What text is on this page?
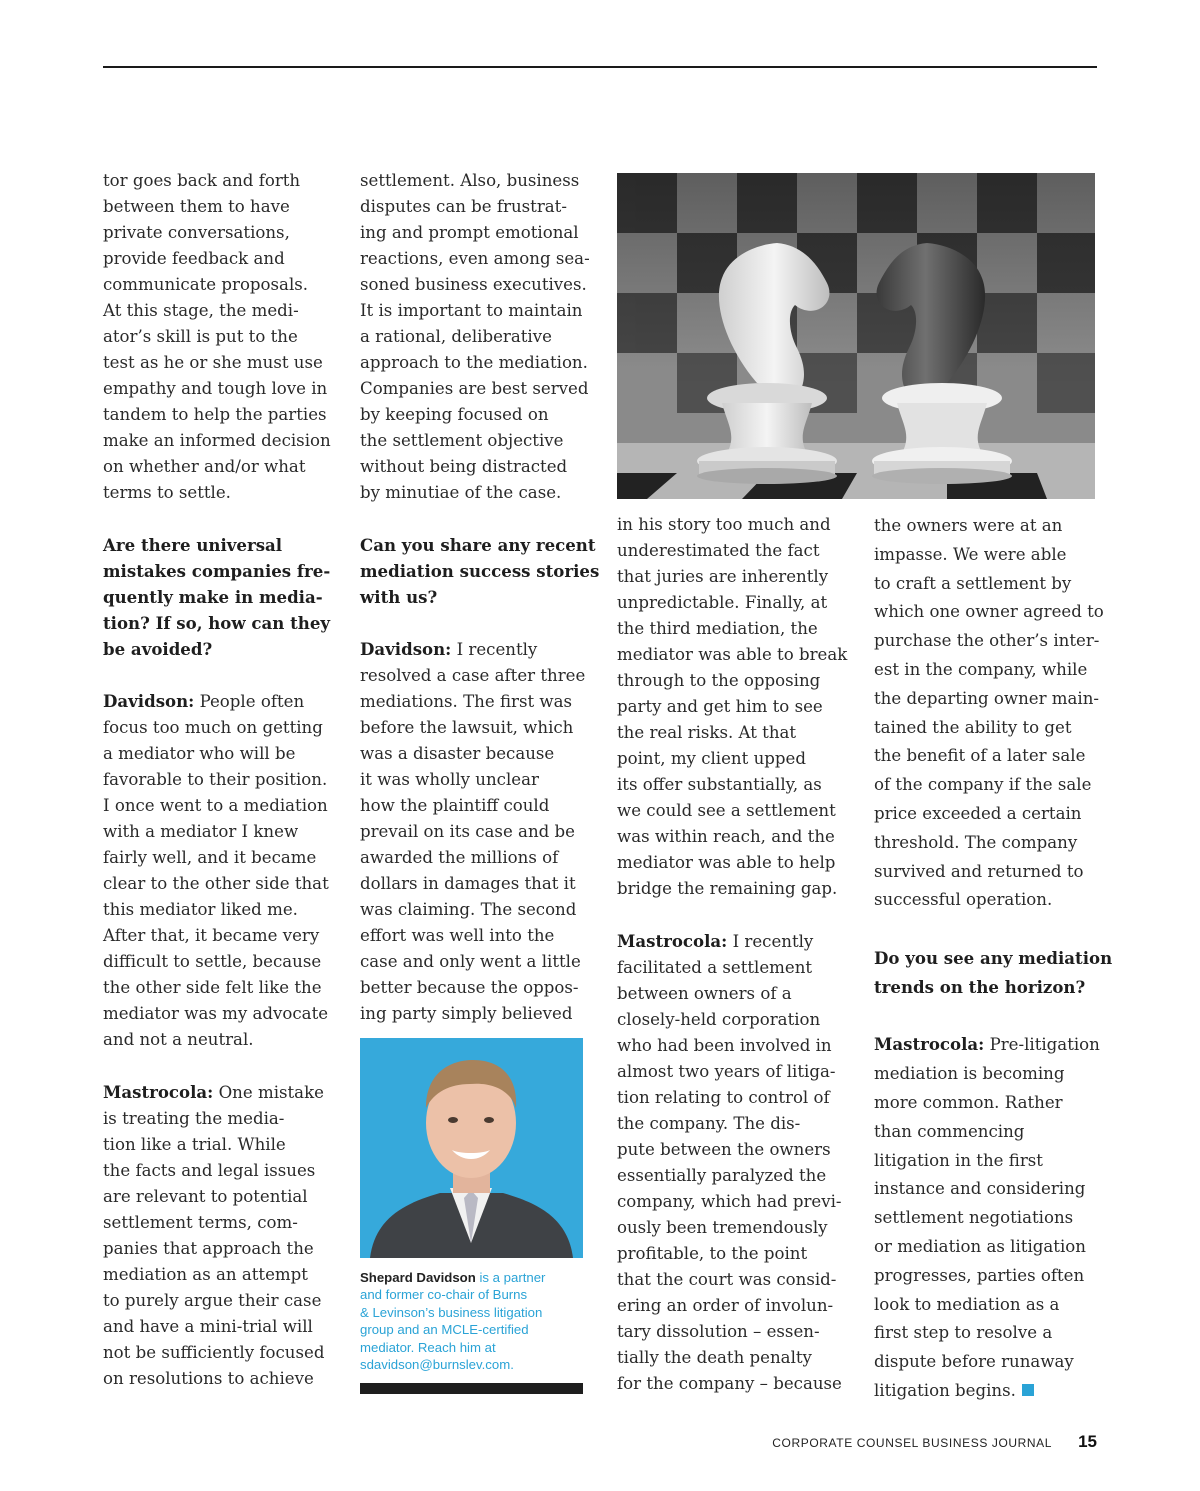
tor goes back and forth

between them to have

private conversations,

provide feedback and

communicate proposals.

At this stage, the medi-

ator’s skill is put to the

test as he or she must use

empathy and tough love in

tandem to help the parties

make an informed decision

on whether and/or what

terms to settle.

Are there universal

mistakes companies fre-

quently make in media-

tion? If so, how can they

be avoided?

Davidson: People often

focus too much on getting

a mediator who will be

favorable to their position.

I once went to a mediation

with a mediator I knew

fairly well, and it became

clear to the other side that

this mediator liked me.

After that, it became very

difficult to settle, because

the other side felt like the

mediator was my advocate

and not a neutral.

Mastrocola: One mistake

is treating the media-

tion like a trial. While

the facts and legal issues

are relevant to potential

settlement terms, com-

panies that approach the

mediation as an attempt

to purely argue their case

and have a mini-trial will

not be sufficiently focused

on resolutions to achieve

settlement. Also, business

disputes can be frustrat-

ing and prompt emotional

reactions, even among sea-

soned business executives.

It is important to maintain

a rational, deliberative

approach to the mediation.

Companies are best served

by keeping focused on

the settlement objective

without being distracted

by minutiae of the case.

Can you share any recent

mediation success stories

with us?

Davidson: I recently

resolved a case after three

mediations. The first was

before the lawsuit, which

was a disaster because

it was wholly unclear

how the plaintiff could

prevail on its case and be

awarded the millions of

dollars in damages that it

was claiming. The second

effort was well into the

case and only went a little

better because the oppos-

ing party simply believed

in his story too much and

underestimated the fact

that juries are inherently

unpredictable. Finally, at

the third mediation, the

mediator was able to break

through to the opposing

party and get him to see

the real risks. At that

point, my client upped

its offer substantially, as

we could see a settlement

was within reach, and the

mediator was able to help

bridge the remaining gap.

Mastrocola: I recently

facilitated a settlement

between owners of a

closely-held corporation

who had been involved in

almost two years of litiga-

tion relating to control of

the company. The dis-

pute between the owners

essentially paralyzed the

company, which had previ-

ously been tremendously

profitable, to the point

that the court was consid-

ering an order of involun-

tary dissolution – essen-

tially the death penalty

for the company – because

the owners were at an

impasse. We were able

to craft a settlement by

which one owner agreed to

purchase the other’s inter-

est in the company, while

the departing owner main-

tained the ability to get

the benefit of a later sale

of the company if the sale

price exceeded a certain

threshold. The company

survived and returned to

successful operation.

Do you see any mediation

trends on the horizon?

Mastrocola: Pre-litigation

mediation is becoming

more common. Rather

than commencing

litigation in the first

instance and considering

settlement negotiations

or mediation as litigation

progresses, parties often

look to mediation as a

first step to resolve a

dispute before runaway

litigation begins.

Shepard Davidson is a partner

and former co-chair of Burns

& Levinson’s business litigation

group and an MCLE-certified

mediator. Reach him at

sdavidson@burnslev.com.

CORPORATE COUNSEL BUSINESS JOURNAL 15
